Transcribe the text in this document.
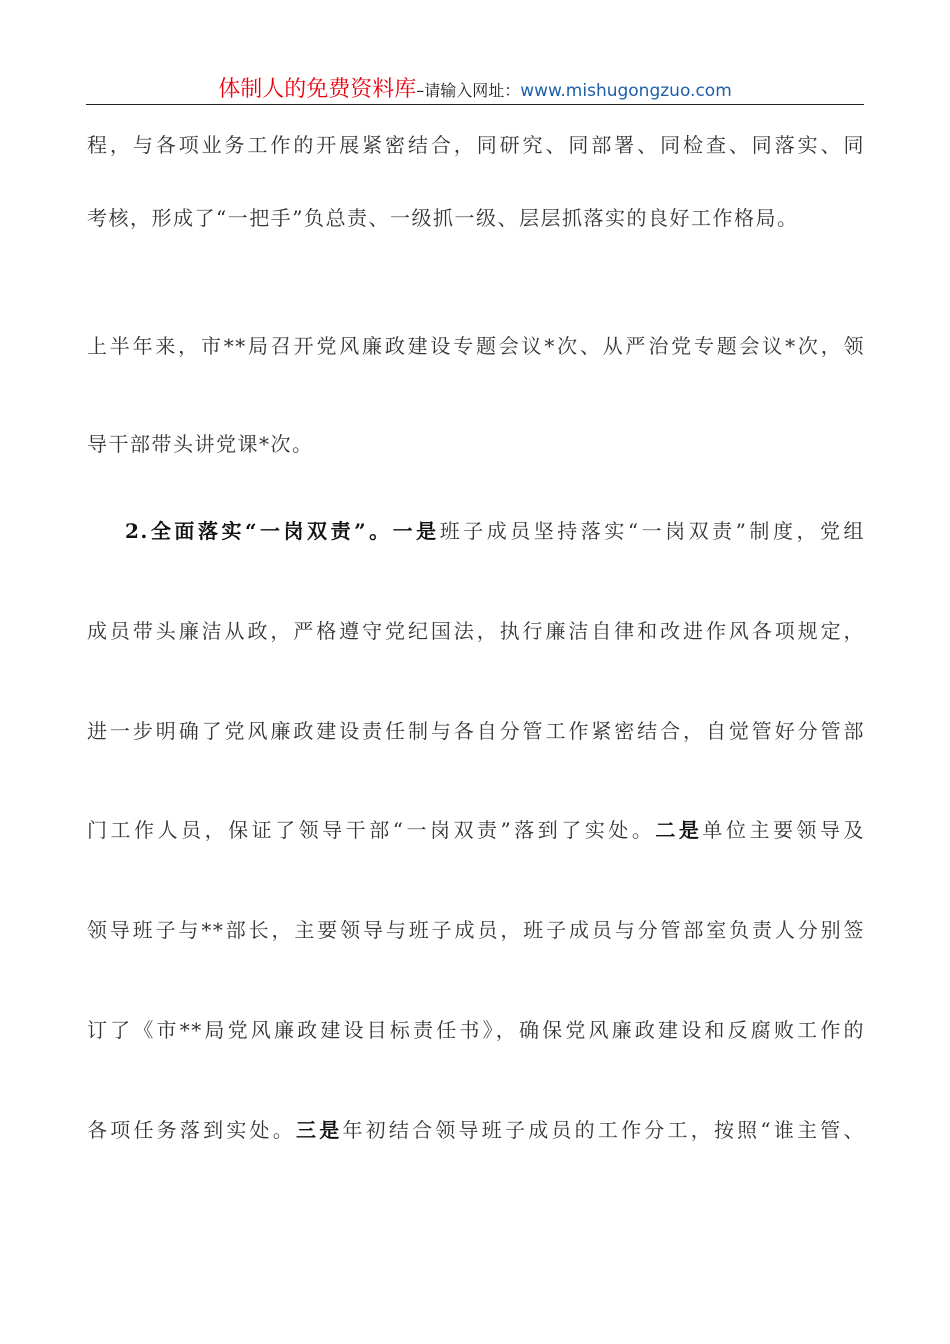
体制人的免费资料库–请输入网址：www.mishugongzuo.com
程，与各项业务工作的开展紧密结合，同研究、同部署、同检查、同落实、同
考核，形成了“一把手”负总责、一级抓一级、层层抓落实的良好工作格局。
上半年来，市**局召开党风廉政建设专题会议*次、从严治党专题会议*次，领
导干部带头讲党课*次。
2.全面落实“一岗双责”。一是班子成员坚持落实“一岗双责”制度，党组
成员带头廉洁从政，严格遵守党纪国法，执行廉洁自律和改进作风各项规定，
进一步明确了党风廉政建设责任制与各自分管工作紧密结合，自觉管好分管部
门工作人员，保证了领导干部“一岗双责”落到了实处。二是单位主要领导及
领导班子与**部长，主要领导与班子成员，班子成员与分管部室负责人分别签
订了《市**局党风廉政建设目标责任书》，确保党风廉政建设和反腐败工作的
各项任务落到实处。三是年初结合领导班子成员的工作分工，按照“谁主管、
